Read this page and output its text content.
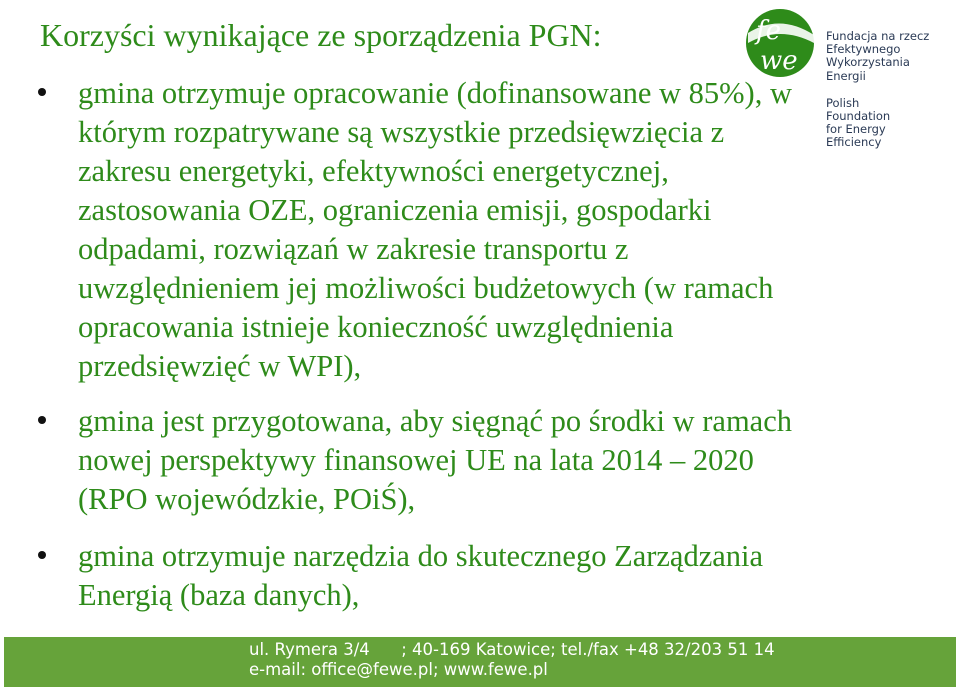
Korzyści wynikające ze sporządzenia PGN:
gmina otrzymuje opracowanie (dofinansowane w 85%), w którym rozpatrywane są wszystkie przedsięwzięcia z zakresu energetyki, efektywności energetycznej, zastosowania OZE, ograniczenia emisji, gospodarki odpadami, rozwiązań w zakresie transportu z uwzględnieniem jej możliwości budżetowych (w ramach opracowania istnieje konieczność uwzględnienia przedsięwzięć w WPI),
gmina jest przygotowana, aby sięgnąć po środki w ramach nowej perspektywy finansowej UE na lata 2014 – 2020 (RPO wojewódzkie, POiŚ),
gmina otrzymuje narzędzia do skutecznego Zarządzania Energią (baza danych),
fe
we
Fundacja na rzecz
Efektywnego
Wykorzystania
Energii
Polish
Foundation
for Energy
Efficiency
ul. Rymera 3/4      ; 40-169 Katowice; tel./fax +48 32/203 51 14
e-mail: office@fewe.pl; www.fewe.pl
